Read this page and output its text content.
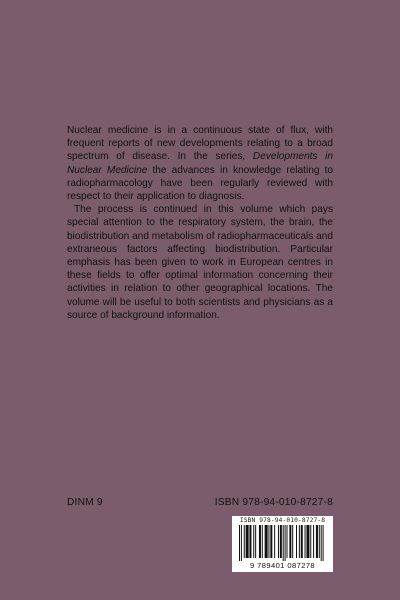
Nuclear medicine is in a continuous state of flux, with frequent reports of new developments relating to a broad spectrum of disease. In the series, Developments in Nuclear Medicine the advances in knowledge relating to radiopharmacology have been regularly reviewed with respect to their application to diagnosis.

The process is continued in this volume which pays special attention to the respiratory system, the brain, the biodistribution and metabolism of radiopharmaceuticals and extraneous factors affecting biodistribution. Particular emphasis has been given to work in European centres in these fields to offer optimal information concerning their activities in relation to other geographical locations. The volume will be useful to both scientists and physicians as a source of background information.

DINM 9	ISBN 978-94-010-8727-8
ISBN 978-94-010-8727-8
9 789401 087278
